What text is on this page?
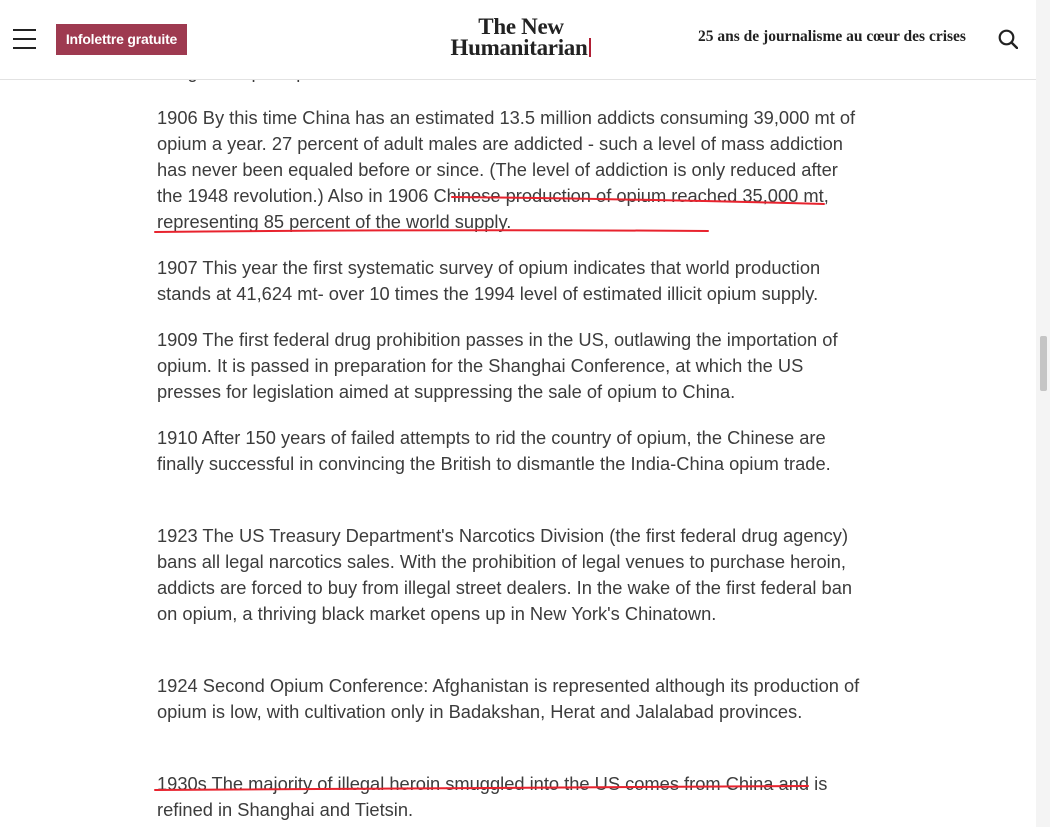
Infolettre gratuite	The New
Humanitarian	25 ans de journalisme au cœur des crises

1906 By this time China has an estimated 13.5 million addicts consuming 39,000 mt of opium a year. 27 percent of adult males are addicted - such a level of mass addiction has never been equaled before or since. (The level of addiction is only reduced after the 1948 revolution.) Also in 1906 Chinese production of opium reached 35,000 mt, representing 85 percent of the world supply.

1907 This year the first systematic survey of opium indicates that world production stands at 41,624 mt- over 10 times the 1994 level of estimated illicit opium supply.

1909 The first federal drug prohibition passes in the US, outlawing the importation of opium. It is passed in preparation for the Shanghai Conference, at which the US presses for legislation aimed at suppressing the sale of opium to China.

1910 After 150 years of failed attempts to rid the country of opium, the Chinese are finally successful in convincing the British to dismantle the India-China opium trade.

1923 The US Treasury Department's Narcotics Division (the first federal drug agency) bans all legal narcotics sales. With the prohibition of legal venues to purchase heroin, addicts are forced to buy from illegal street dealers. In the wake of the first federal ban on opium, a thriving black market opens up in New York's Chinatown.

1924 Second Opium Conference: Afghanistan is represented although its production of opium is low, with cultivation only in Badakshan, Herat and Jalalabad provinces.

1930s The majority of illegal heroin smuggled into the US comes from China and is refined in Shanghai and Tietsin.
